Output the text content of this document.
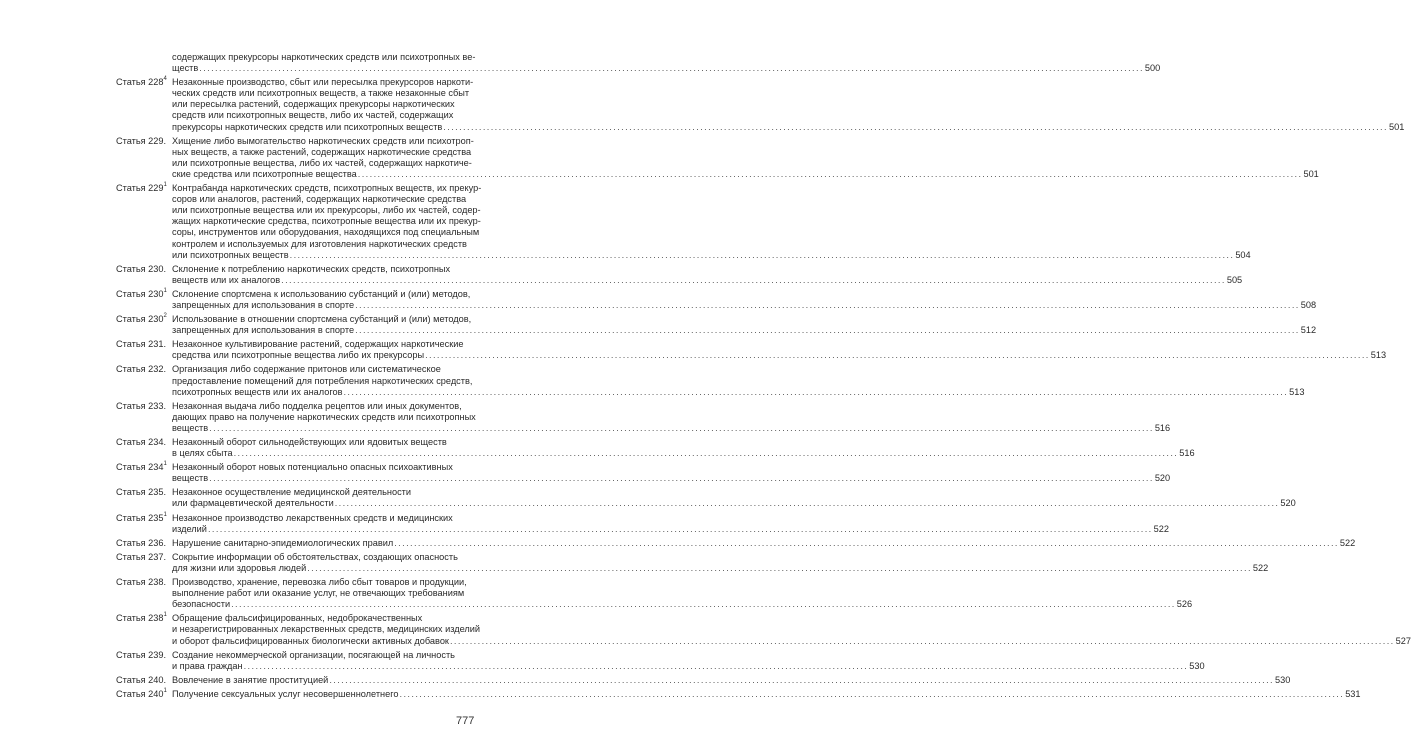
содержащих прекурсоры наркотических средств или психотропных ве-
ществ .....	500
Статья $228^4$ Незаконные производство, сбыт или пересылка прекурсоров наркоти-
ческих средств или психотропных веществ, а также незаконные сбыт
или пересылка растений, содержащих прекурсоры наркотических
средств или психотропных веществ, либо их частей, содержащих
прекурсоры наркотических средств или психотропных веществ .....	501
Статья 229. Хищение либо вымогательство наркотических средств или психотроп-
ных веществ, а также растений, содержащих наркотические средства
или психотропные вещества, либо их частей, содержащих наркотиче-
ские средства или психотропные вещества .....	501
Статья $229^1$ Контрабанда наркотических средств, психотропных веществ, их прекур-
соров или аналогов, растений, содержащих наркотические средства
или психотропные вещества или их прекурсоры, либо их частей, содер-
жащих наркотические средства, психотропные вещества или их прекур-
соры, инструментов или оборудования, находящихся под специальным
контролем и используемых для изготовления наркотических средств
или психотропных веществ .....	504
Статья 230. Склонение к потреблению наркотических средств, психотропных
веществ или их аналогов .....	505
Статья $230^1$ Склонение спортсмена к использованию субстанций и (или) методов,
запрещенных для использования в спорте .....	508
Статья $230^2$ Использование в отношении спортсмена субстанций и (или) методов,
запрещенных для использования в спорте .....	512
Статья 231. Незаконное культивирование растений, содержащих наркотические
средства или психотропные вещества либо их прекурсоры .....	513
Статья 232. Организация либо содержание притонов или систематическое
предоставление помещений для потребления наркотических средств,
психотропных веществ или их аналогов .....	513
Статья 233. Незаконная выдача либо подделка рецептов или иных документов,
дающих право на получение наркотических средств или психотропных
веществ .....	516
Статья 234. Незаконный оборот сильнодействующих или ядовитых веществ
в целях сбыта .....	516
Статья $234^1$ Незаконный оборот новых потенциально опасных психоактивных
веществ .....	520
Статья 235. Незаконное осуществление медицинской деятельности
или фармацевтической деятельности .....	520
Статья $235^1$ Незаконное производство лекарственных средств и медицинских
изделий .....	522
Статья 236. Нарушение санитарно-эпидемиологических правил .....	522
Статья 237. Сокрытие информации об обстоятельствах, создающих опасность
для жизни или здоровья людей .....	522
Статья 238. Производство, хранение, перевозка либо сбыт товаров и продукции,
выполнение работ или оказание услуг, не отвечающих требованиям
безопасности .....	526
Статья $238^1$ Обращение фальсифицированных, недоброкачественных
и незарегистрированных лекарственных средств, медицинских изделий
и оборот фальсифицированных биологически активных добавок .....	527
Статья 239. Создание некоммерческой организации, посягающей на личность
и права граждан .....	530
Статья 240. Вовлечение в занятие проституцией .....	530
Статья $240^1$ Получение сексуальных услуг несовершеннолетнего .....	531
777
